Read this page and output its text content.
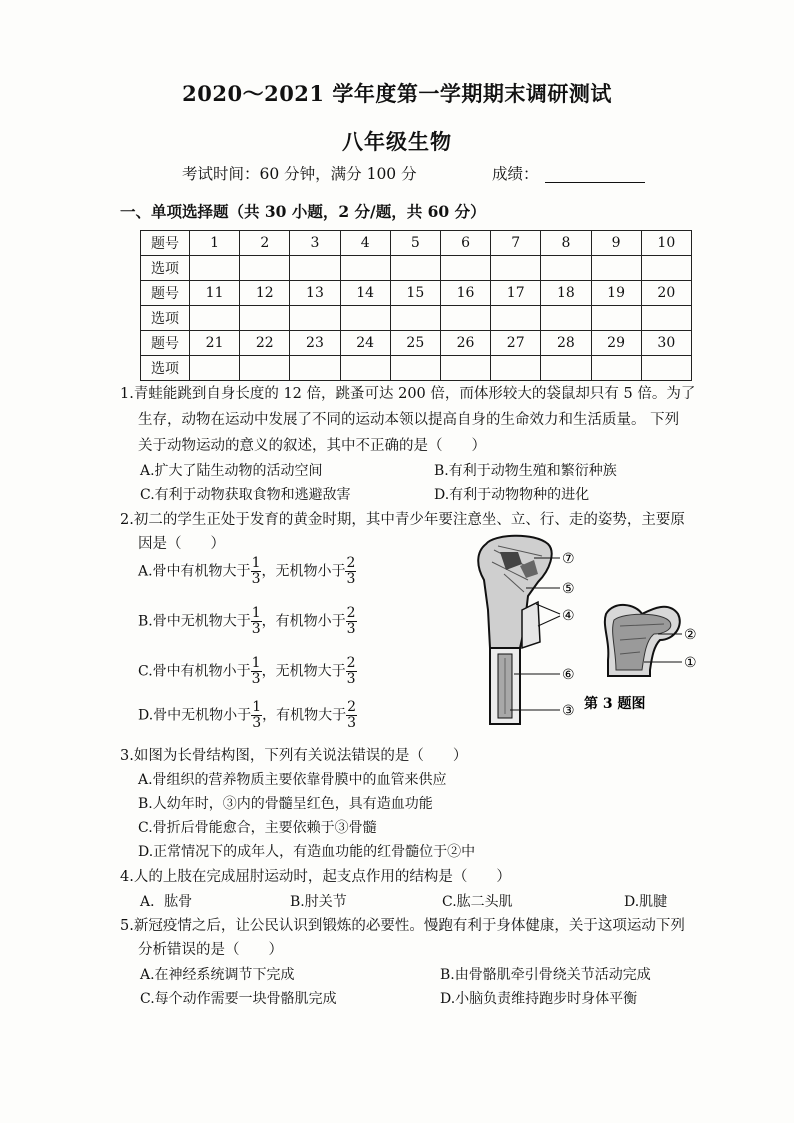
2020～2021 学年度第一学期期末调研测试
八年级生物
考试时间：60 分钟，满分 100 分	成绩：
一、单项选择题（共 30 小题，2 分/题，共 60 分）
题号	1	2	3	4	5	6	7	8	9	10
选项										
题号	11	12	13	14	15	16	17	18	19	20
选项										
题号	21	22	23	24	25	26	27	28	29	30
选项										
1.青蛙能跳到自身长度的 12 倍，跳蚤可达 200 倍，而体形较大的袋鼠却只有 5 倍。为了
生存，动物在运动中发展了不同的运动本领以提高自身的生命效力和生活质量。 下列
关于动物运动的意义的叙述，其中不正确的是（　　）
A.扩大了陆生动物的活动空间	B.有利于动物生殖和繁衍种族
C.有利于动物获取食物和逃避敌害	D.有利于动物物种的进化
2.初二的学生正处于发育的黄金时期，其中青少年要注意坐、立、行、走的姿势，主要原
因是（　　）
A.骨中有机物大于 $\frac{1}{3}$ ，无机物小于 $\frac{2}{3}$
B.骨中无机物大于 $\frac{1}{3}$ ，有机物小于 $\frac{2}{3}$
C.骨中有机物小于 $\frac{1}{3}$ ，无机物大于 $\frac{2}{3}$
D.骨中无机物小于 $\frac{1}{3}$ ，有机物大于 $\frac{2}{3}$
⑦
⑤
④
⑥
③
②
①
第 3 题图
3.如图为长骨结构图，下列有关说法错误的是（　　）
A.骨组织的营养物质主要依靠骨膜中的血管来供应
B.人幼年时，③内的骨髓呈红色，具有造血功能
C.骨折后骨能愈合，主要依赖于③骨髓
D.正常情况下的成年人，有造血功能的红骨髓位于②中
4.人的上肢在完成屈肘运动时，起支点作用的结构是（　　）
A．肱骨	B.肘关节	C.肱二头肌	D.肌腱
5.新冠疫情之后，让公民认识到锻炼的必要性。慢跑有利于身体健康，关于这项运动下列
分析错误的是（　　）
A.在神经系统调节下完成	B.由骨骼肌牵引骨绕关节活动完成
C.每个动作需要一块骨骼肌完成	D.小脑负责维持跑步时身体平衡
